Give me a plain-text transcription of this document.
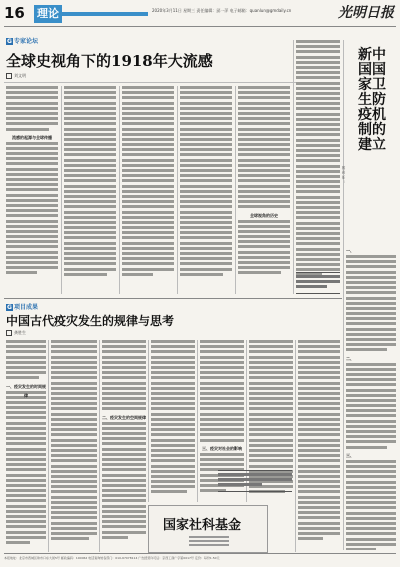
16	理论	2020年3月11日 星期三 责任编辑：邱一萍 电子邮箱：quanlun@gmdaily.cn	光明日报
G 专家论坛
全球史视角下的1918年大流感
刘文明
流感的起源与全球传播
全球视角的历史
新中国国家卫生防疫机制的建立
郭 岩 任 ；
一、
二、
三、
G 项目成果
中国古代疫灾发生的规律与思考
龚胜生
一、疫灾发生的时间规律
二、疫灾发生的空间规律
三、疫灾对社会的影响
国家社科基金
本报地址：北京市西城区珠市口东大街5号 邮政编码：100062 电话查询转各部门：010-67078114 广告经营许可证：京西工商广字第0017号 定价：每份1.50元
